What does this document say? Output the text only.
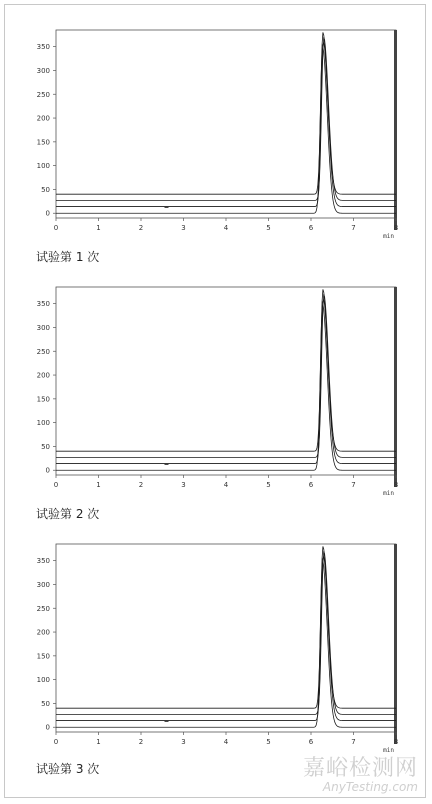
0
50
100
150
200
250
300
350
0	1	2	3	4	5	6	7	8
min
试验第 1 次
0
50
100
150
200
250
300
350
0	1	2	3	4	5	6	7	8
min
试验第 2 次
0
50
100
150
200
250
300
350
0	1	2	3	4	5	6	7	8
min
试验第 3 次	嘉峪检测网
AnyTesting.com
